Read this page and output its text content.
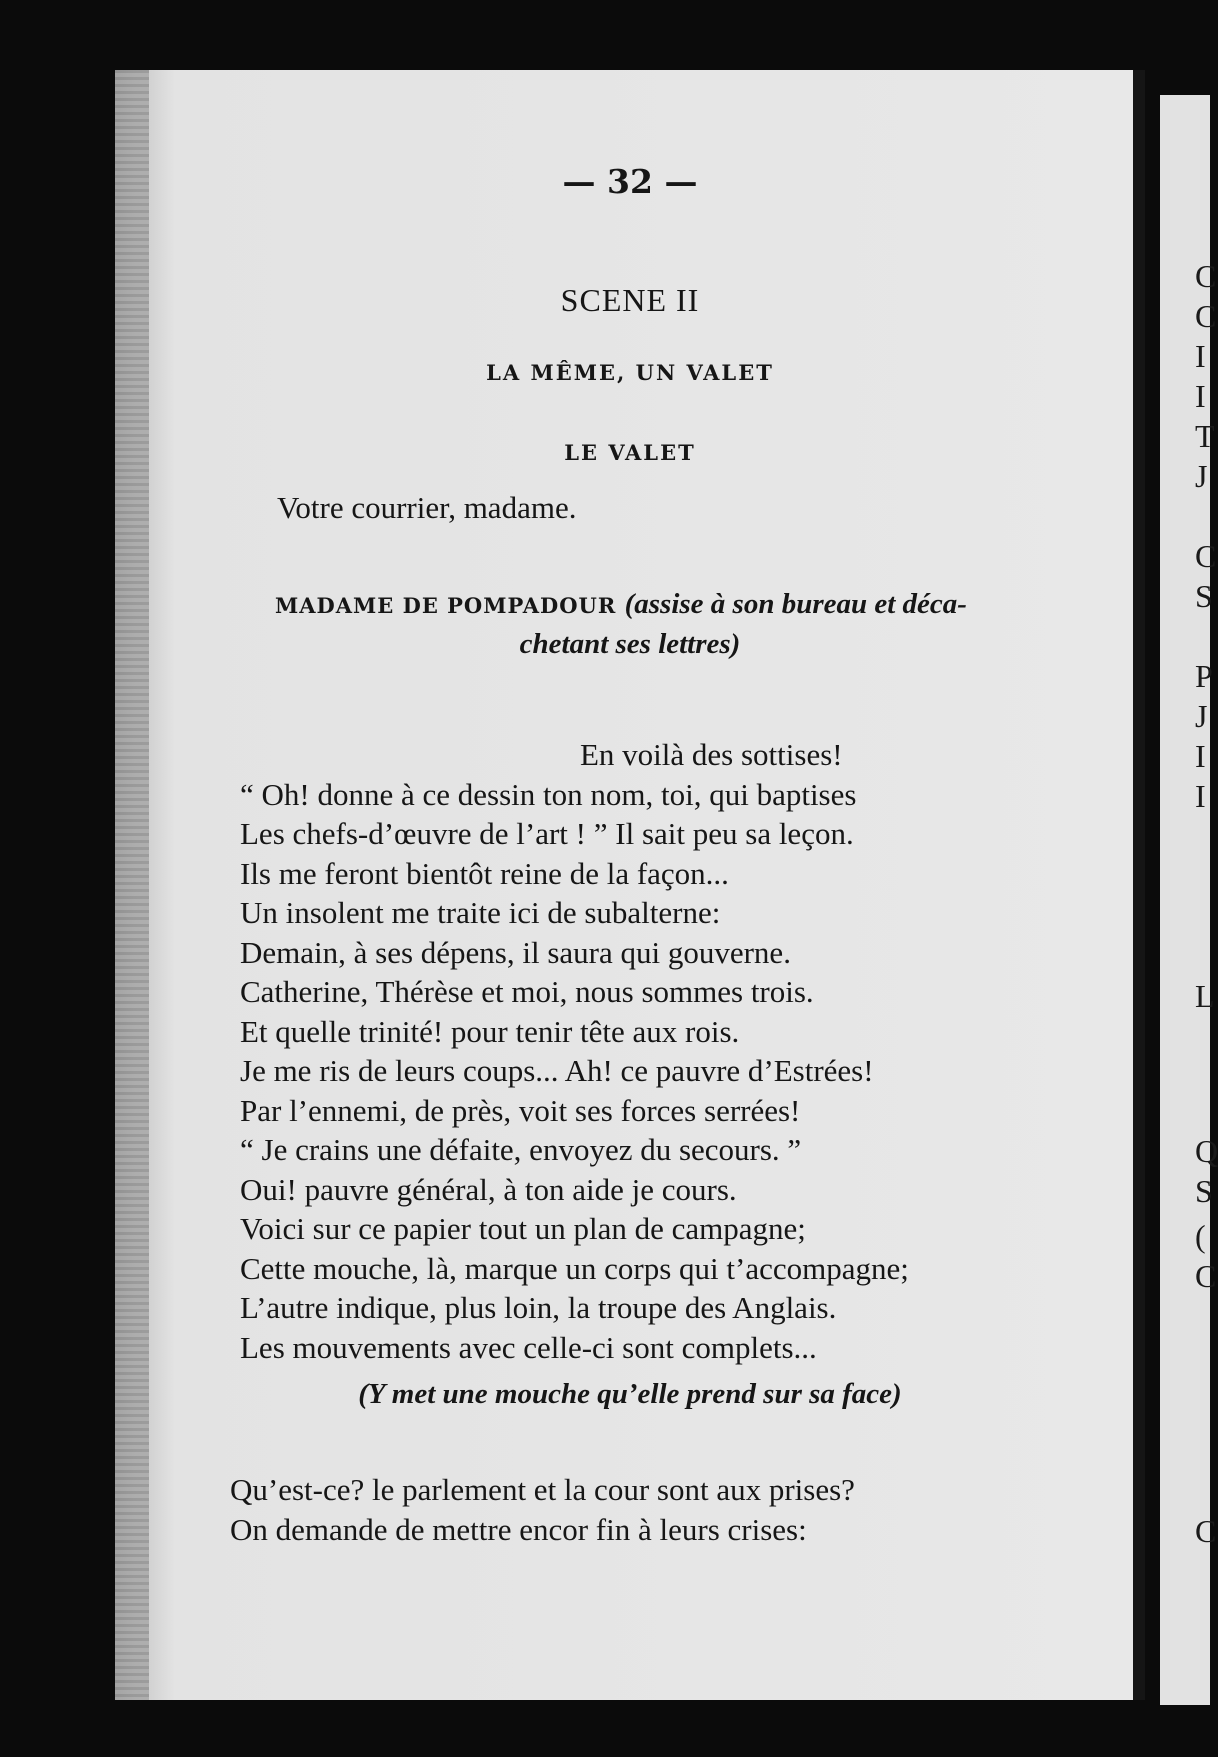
— 32 —
SCENE II
LA MÊME, UN VALET
LE VALET
Votre courrier, madame.
MADAME DE POMPADOUR (assise à son bureau et déca-
chetant ses lettres)
En voilà des sottises!
“ Oh! donne à ce dessin ton nom, toi, qui baptises
Les chefs-d’œuvre de l’art ! ” Il sait peu sa leçon.
Ils me feront bientôt reine de la façon...
Un insolent me traite ici de subalterne:
Demain, à ses dépens, il saura qui gouverne.
Catherine, Thérèse et moi, nous sommes trois.
Et quelle trinité! pour tenir tête aux rois.
Je me ris de leurs coups... Ah! ce pauvre d’Estrées!
Par l’ennemi, de près, voit ses forces serrées!
“ Je crains une défaite, envoyez du secours. ”
Oui! pauvre général, à ton aide je cours.
Voici sur ce papier tout un plan de campagne;
Cette mouche, là, marque un corps qui t’accompagne;
L’autre indique, plus loin, la troupe des Anglais.
Les mouvements avec celle-ci sont complets...
(Y met une mouche qu’elle prend sur sa face)
Qu’est-ce? le parlement et la cour sont aux prises?
On demande de mettre encor fin à leurs crises:
C
C
I
I
T
J
C
S
P
J
I
I
L
Q
S
(
C
C
